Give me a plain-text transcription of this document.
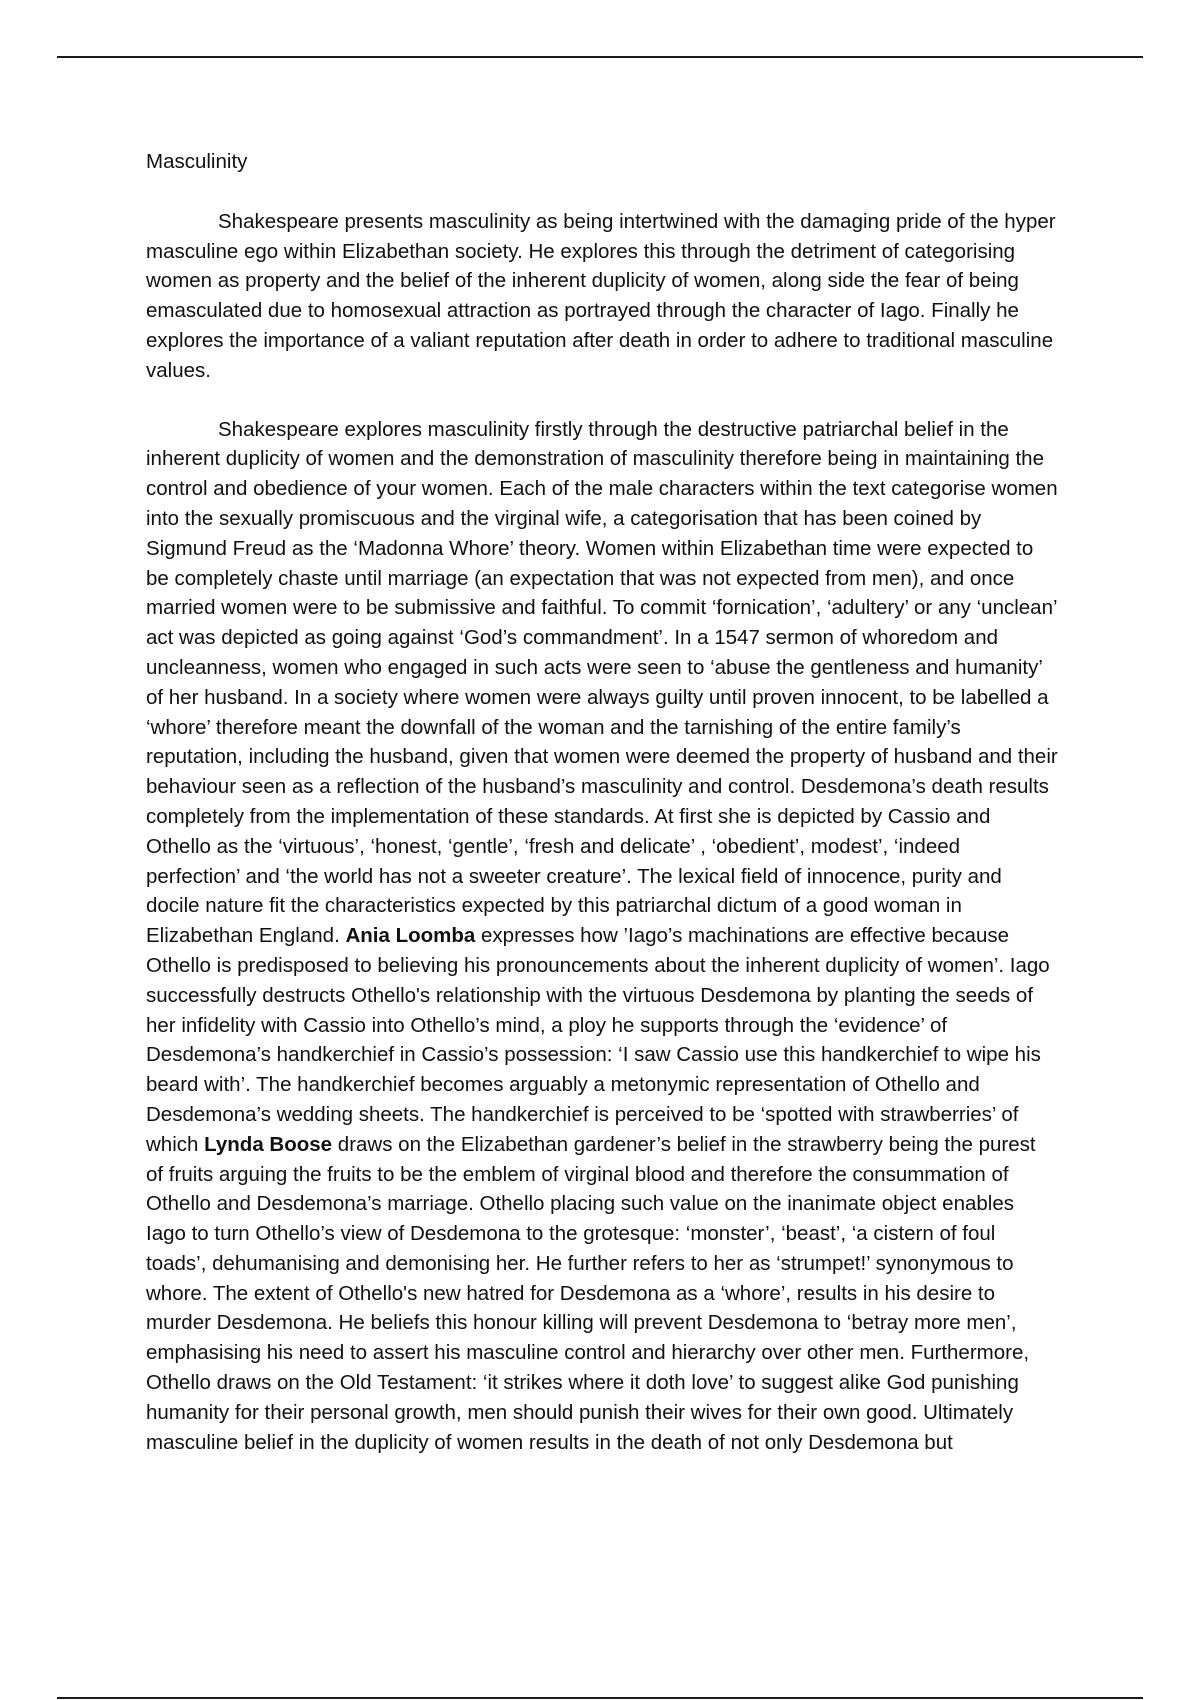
Masculinity

Shakespeare presents masculinity as being intertwined with the damaging pride of the hyper masculine ego within Elizabethan society. He explores this through the detriment of categorising women as property and the belief of the inherent duplicity of women, along side the fear of being emasculated due to homosexual attraction as portrayed through the character of Iago. Finally he explores the importance of a valiant reputation after death in order to adhere to traditional masculine values.

Shakespeare explores masculinity firstly through the destructive patriarchal belief in the inherent duplicity of women and the demonstration of masculinity therefore being in maintaining the control and obedience of your women. Each of the male characters within the text categorise women into the sexually promiscuous and the virginal wife, a categorisation that has been coined by Sigmund Freud as the ‘Madonna Whore’ theory. Women within Elizabethan time were expected to be completely chaste until marriage (an expectation that was not expected from men), and once married women were to be submissive and faithful. To commit ‘fornication’, ‘adultery’ or any ‘unclean’ act was depicted as going against ‘God’s commandment’. In a 1547 sermon of whoredom and uncleanness, women who engaged in such acts were seen to ‘abuse the gentleness and humanity’ of her husband. In a society where women were always guilty until proven innocent, to be labelled a ‘whore’ therefore meant the downfall of the woman and the tarnishing of the entire family’s reputation, including the husband, given that women were deemed the property of husband and their behaviour seen as a reflection of the husband’s masculinity and control. Desdemona’s death results completely from the implementation of these standards. At first she is depicted by Cassio and Othello as the ‘virtuous’, ‘honest, ‘gentle’, ‘fresh and delicate’ , ‘obedient’, modest’, ‘indeed perfection’ and ‘the world has not a sweeter creature’. The lexical field of innocence, purity and docile nature fit the characteristics expected by this patriarchal dictum of a good woman in Elizabethan England. Ania Loomba expresses how ’Iago’s machinations are effective because Othello is predisposed to believing his pronouncements about the inherent duplicity of women’. Iago successfully destructs Othello's relationship with the virtuous Desdemona by planting the seeds of her infidelity with Cassio into Othello’s mind, a ploy he supports through the ‘evidence’ of Desdemona’s handkerchief in Cassio’s possession: ‘I saw Cassio use this handkerchief to wipe his beard with’. The handkerchief becomes arguably a metonymic representation of Othello and Desdemona’s wedding sheets. The handkerchief is perceived to be ‘spotted with strawberries’ of which Lynda Boose draws on the Elizabethan gardener’s belief in the strawberry being the purest of fruits arguing the fruits to be the emblem of virginal blood and therefore the consummation of Othello and Desdemona’s marriage. Othello placing such value on the inanimate object enables Iago to turn Othello’s view of Desdemona to the grotesque: ‘monster’, ‘beast’, ‘a cistern of foul toads’, dehumanising and demonising her. He further refers to her as ‘strumpet!’ synonymous to whore. The extent of Othello's new hatred for Desdemona as a ‘whore’, results in his desire to murder Desdemona. He beliefs this honour killing will prevent Desdemona to ‘betray more men’, emphasising his need to assert his masculine control and hierarchy over other men. Furthermore, Othello draws on the Old Testament: ‘it strikes where it doth love’ to suggest alike God punishing humanity for their personal growth, men should punish their wives for their own good. Ultimately masculine belief in the duplicity of women results in the death of not only Desdemona but
